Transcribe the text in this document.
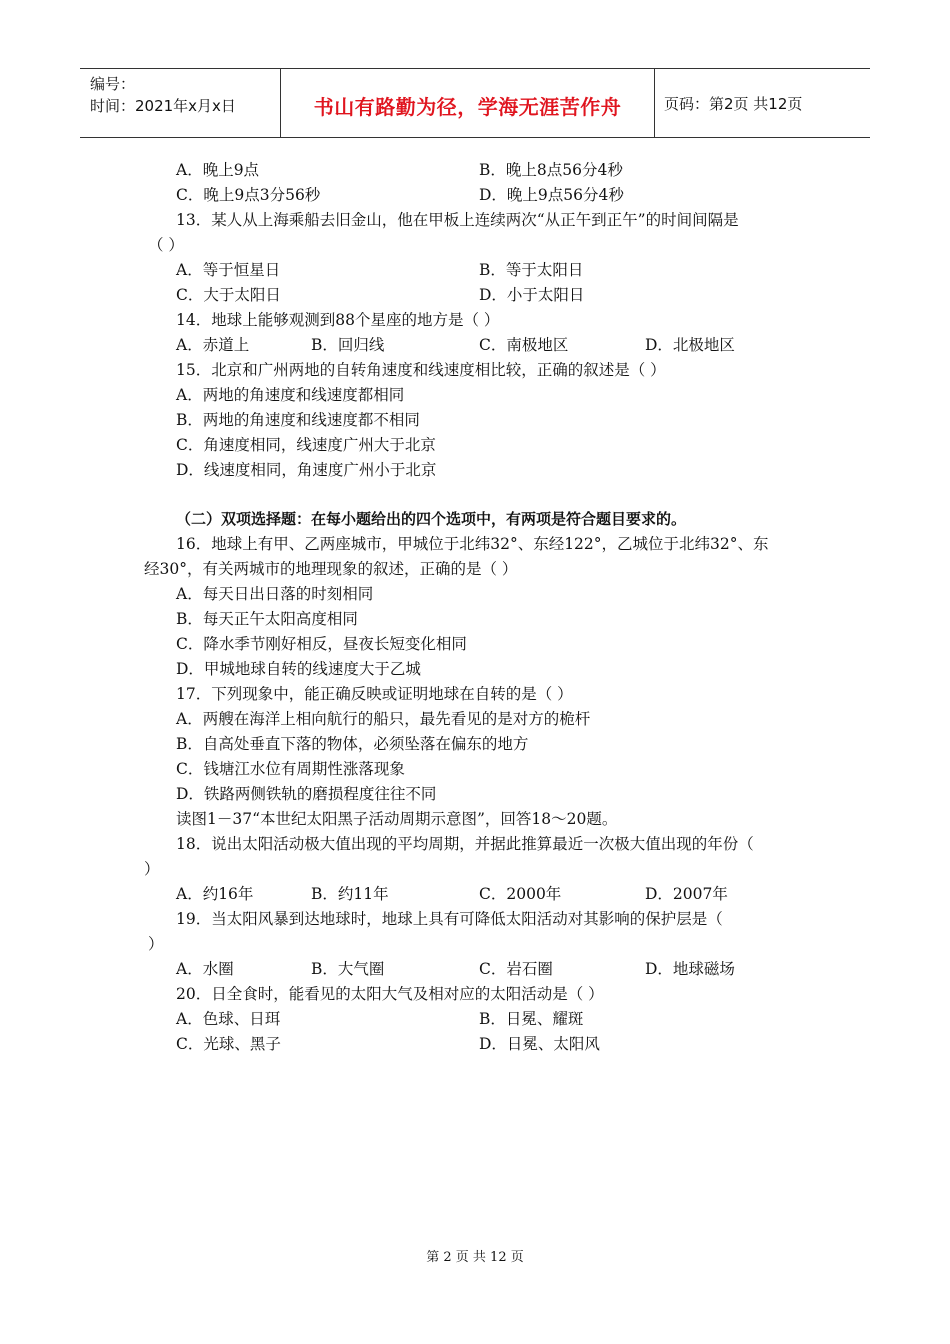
编号：
时间：2021年x月x日	书山有路勤为径，学海无涯苦作舟	页码：第2页 共12页
A．晚上9点	B．晚上8点56分4秒
C．晚上9点3分56秒	D．晚上9点56分4秒
13．某人从上海乘船去旧金山，他在甲板上连续两次“从正午到正午”的时间间隔是
（ ）
A．等于恒星日	B．等于太阳日
C．大于太阳日	D．小于太阳日
14．地球上能够观测到88个星座的地方是（ ）
A．赤道上	B．回归线	C．南极地区	D．北极地区
15．北京和广州两地的自转角速度和线速度相比较，正确的叙述是（ ）
A．两地的角速度和线速度都相同
B．两地的角速度和线速度都不相同
C．角速度相同，线速度广州大于北京
D．线速度相同，角速度广州小于北京
（二）双项选择题：在每小题给出的四个选项中，有两项是符合题目要求的。
16．地球上有甲、乙两座城市，甲城位于北纬32°、东经122°，乙城位于北纬32°、东
经30°，有关两城市的地理现象的叙述，正确的是（ ）
A．每天日出日落的时刻相同
B．每天正午太阳高度相同
C．降水季节刚好相反，昼夜长短变化相同
D．甲城地球自转的线速度大于乙城
17．下列现象中，能正确反映或证明地球在自转的是（ ）
A．两艘在海洋上相向航行的船只，最先看见的是对方的桅杆
B．自高处垂直下落的物体，必须坠落在偏东的地方
C．钱塘江水位有周期性涨落现象
D．铁路两侧铁轨的磨损程度往往不同
读图1－37“本世纪太阳黑子活动周期示意图”，回答18～20题。
18．说出太阳活动极大值出现的平均周期，并据此推算最近一次极大值出现的年份（
）
A．约16年	B．约11年	C．2000年	D．2007年
19．当太阳风暴到达地球时，地球上具有可降低太阳活动对其影响的保护层是（
）
A．水圈	B．大气圈	C．岩石圈	D．地球磁场
20．日全食时，能看见的太阳大气及相对应的太阳活动是（ ）
A．色球、日珥	B．日冕、耀斑
C．光球、黑子	D．日冕、太阳风
第 2 页 共 12 页
